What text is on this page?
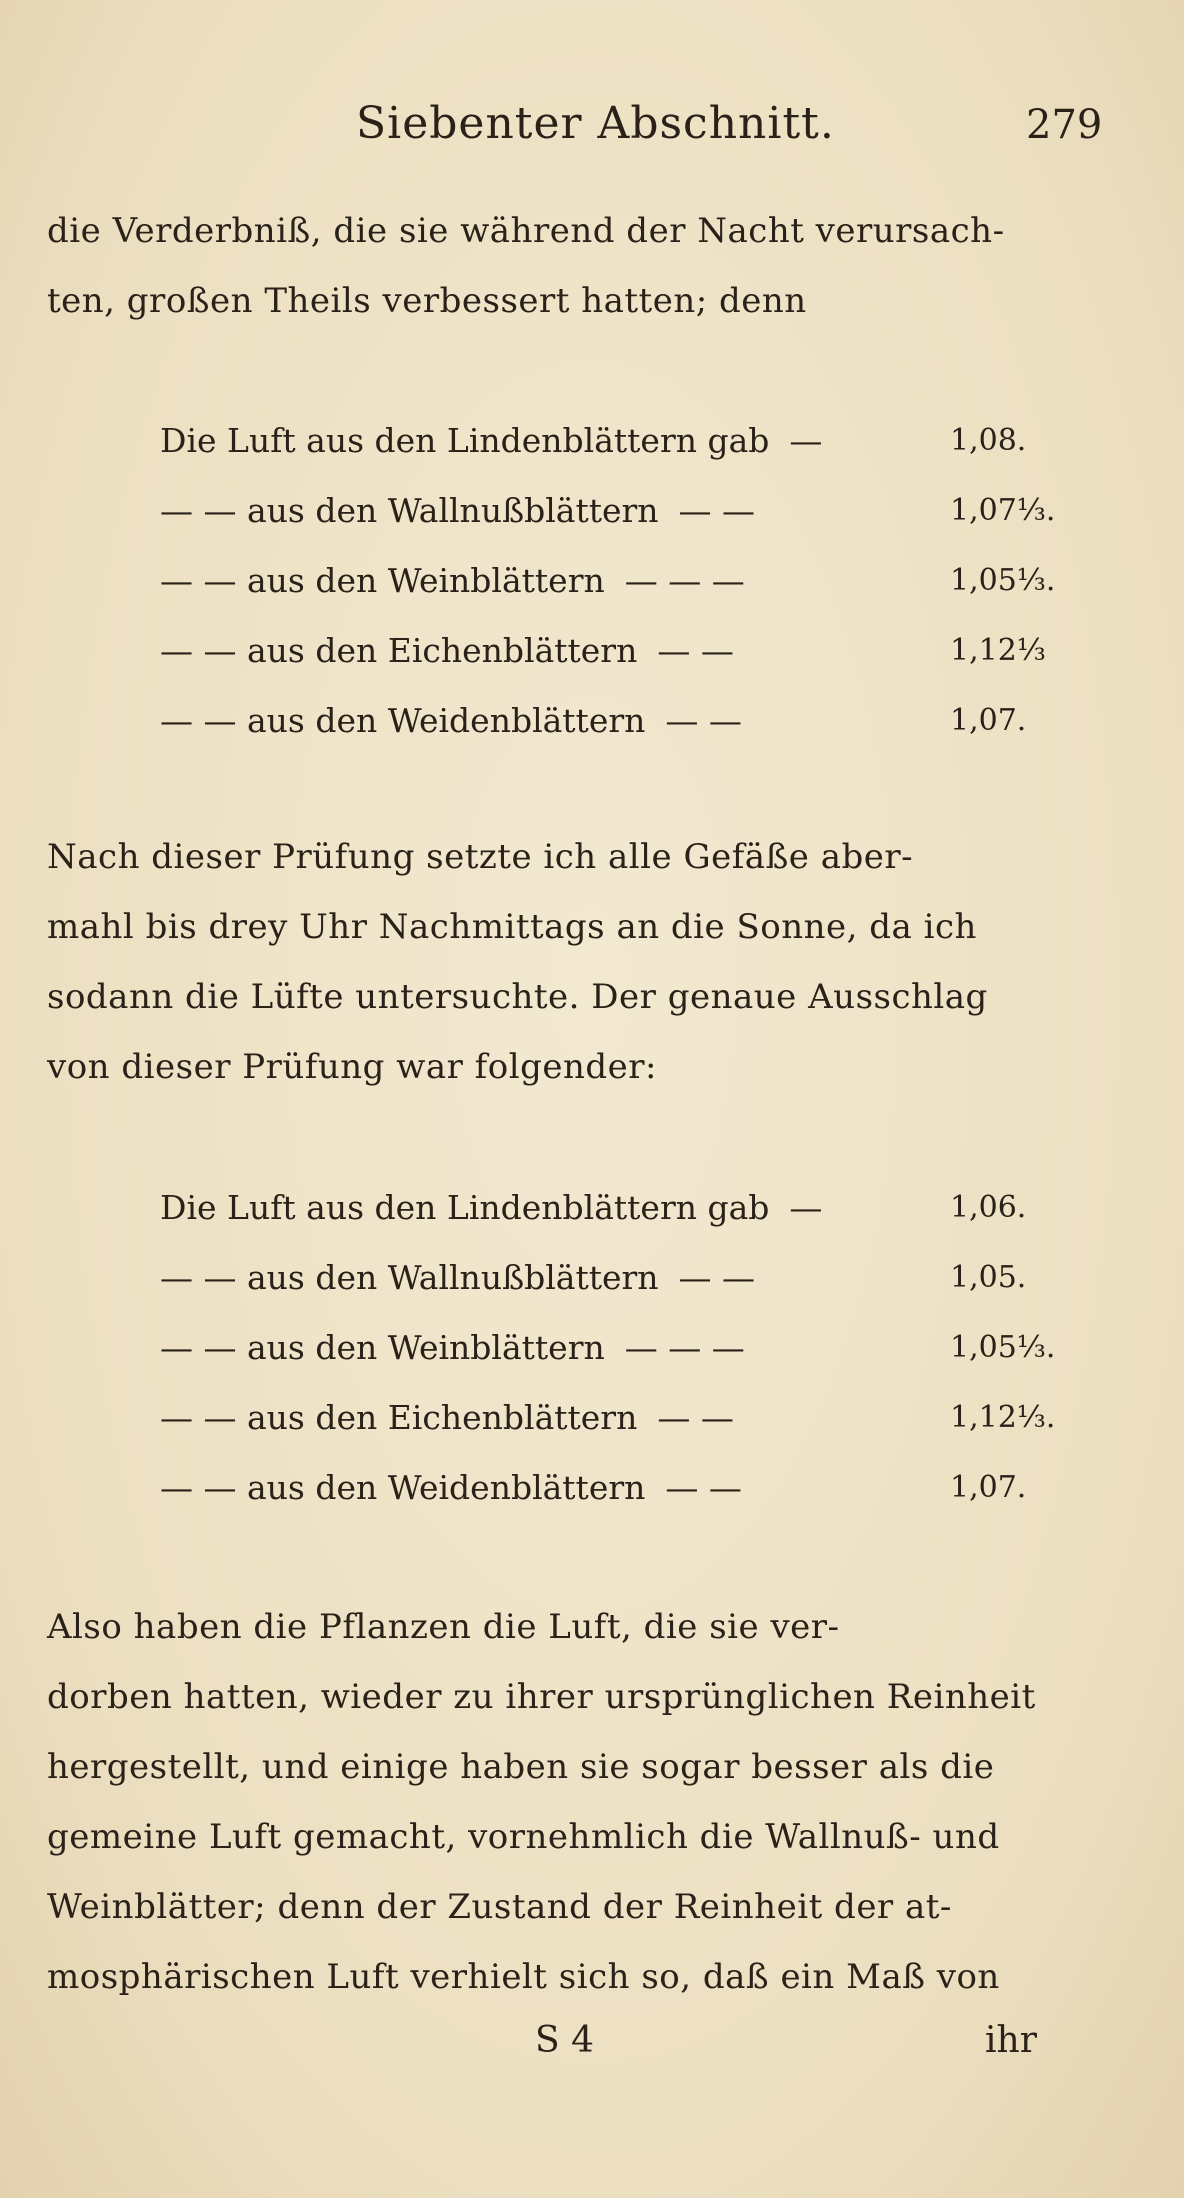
Siebenter Abschnitt.	279

die Verderbniß, die sie während der Nacht verursach-
ten, großen Theils verbessert hatten; denn

Die Luft aus den Lindenblättern gab —	1,08.
— — aus den Wallnußblättern — —	1,07⅓.
— — aus den Weinblättern — — —	1,05⅓.
— — aus den Eichenblättern — —	1,12⅓
— — aus den Weidenblättern — —	1,07.

Nach dieser Prüfung setzte ich alle Gefäße aber-
mahl bis drey Uhr Nachmittags an die Sonne, da ich
sodann die Lüfte untersuchte. Der genaue Ausschlag
von dieser Prüfung war folgender:

Die Luft aus den Lindenblättern gab —	1,06.
— — aus den Wallnußblättern — —	1,05.
— — aus den Weinblättern — — —	1,05⅓.
— — aus den Eichenblättern — —	1,12⅓.
— — aus den Weidenblättern — —	1,07.

Also haben die Pflanzen die Luft, die sie ver-
dorben hatten, wieder zu ihrer ursprünglichen Reinheit
hergestellt, und einige haben sie sogar besser als die
gemeine Luft gemacht, vornehmlich die Wallnuß- und
Weinblätter; denn der Zustand der Reinheit der at-
mosphärischen Luft verhielt sich so, daß ein Maß von

S 4	ihr
